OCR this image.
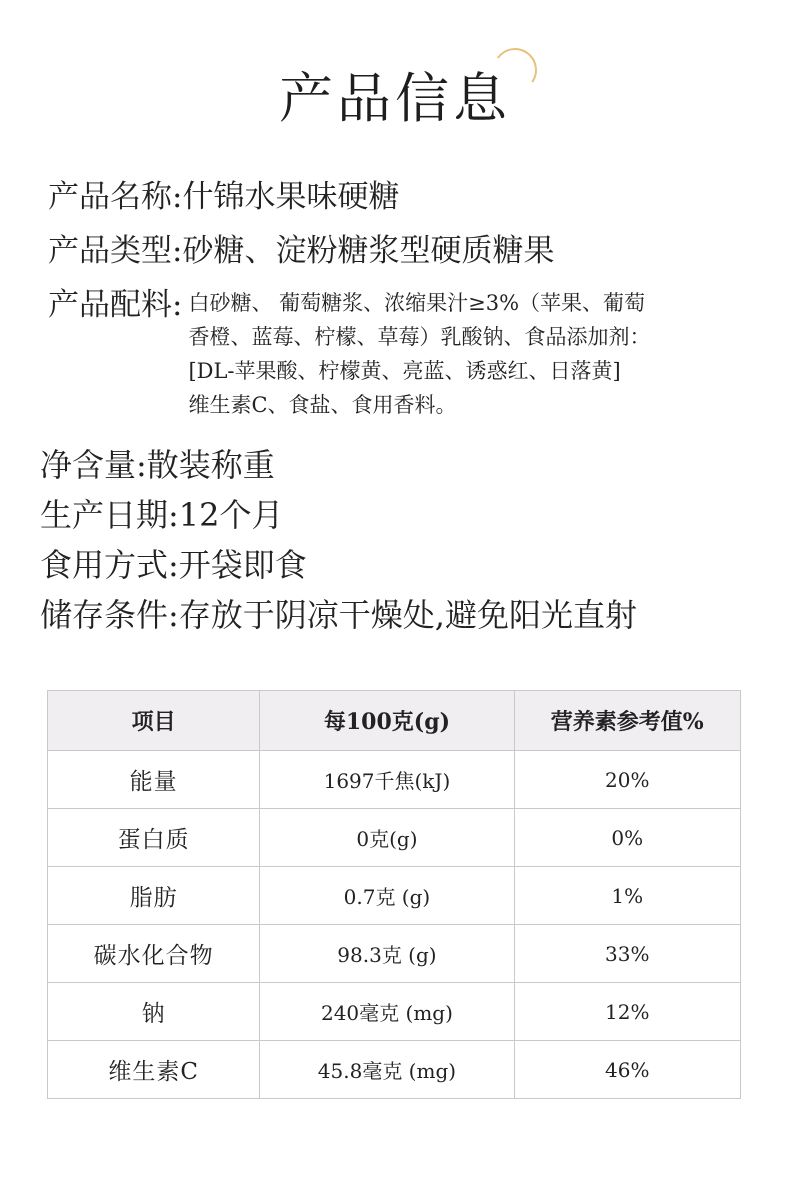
产品信息
产品名称: 什锦水果味硬糖
产品类型: 砂糖、淀粉糖浆型硬质糖果
产品配料: 白砂糖、 葡萄糖浆、浓缩果汁≥3%（苹果、葡萄
香橙、蓝莓、柠檬、草莓）乳酸钠、食品添加剂：
[DL-苹果酸、柠檬黄、亮蓝、诱惑红、日落黄]
维生素C、食盐、食用香料。
净含量: 散装称重
生产日期: 12个月
食用方式: 开袋即食
储存条件: 存放于阴凉干燥处,避免阳光直射
项目	每100克(g)	营养素参考值%
能量	1697千焦(kJ)	20%
蛋白质	0克(g)	0%
脂肪	0.7克 (g)	1%
碳水化合物	98.3克 (g)	33%
钠	240毫克 (mg)	12%
维生素C	45.8毫克 (mg)	46%
